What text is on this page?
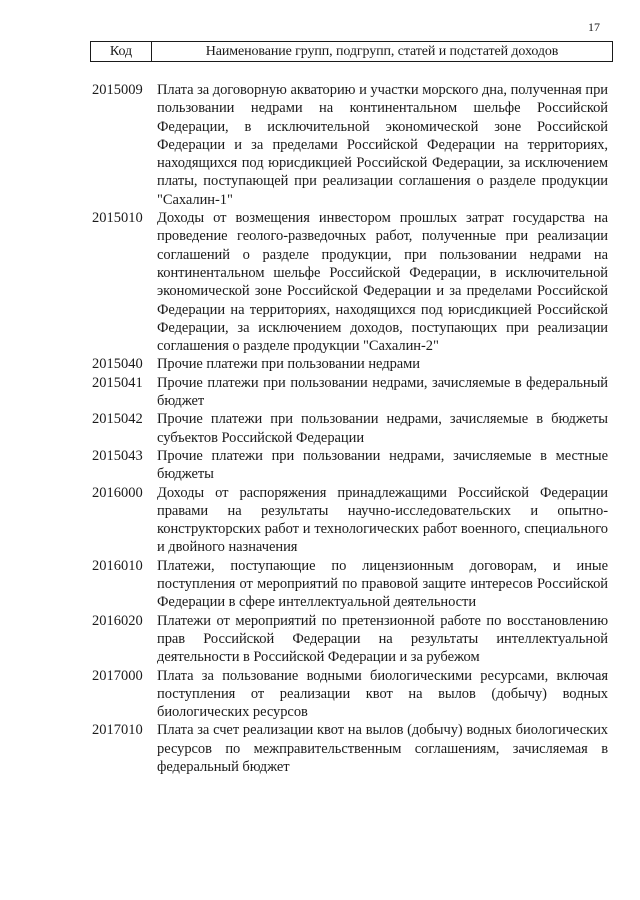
17
Код	Наименование групп, подгрупп, статей и подстатей доходов
2015009 Плата за договорную акваторию и участки морского дна, полученная при пользовании недрами на континентальном шельфе Российской Федерации, в исключительной экономической зоне Российской Федерации и за пределами Российской Федерации на территориях, находящихся под юрисдикцией Российской Федерации, за исключением платы, поступающей при реализации соглашения о разделе продукции "Сахалин-1"
2015010 Доходы от возмещения инвестором прошлых затрат государства на проведение геолого-разведочных работ, полученные при реализации соглашений о разделе продукции, при пользовании недрами на континентальном шельфе Российской Федерации, в исключительной экономической зоне Российской Федерации и за пределами Российской Федерации на территориях, находящихся под юрисдикцией Российской Федерации, за исключением доходов, поступающих при реализации соглашения о разделе продукции "Сахалин-2"
2015040 Прочие платежи при пользовании недрами
2015041 Прочие платежи при пользовании недрами, зачисляемые в федеральный бюджет
2015042 Прочие платежи при пользовании недрами, зачисляемые в бюджеты субъектов Российской Федерации
2015043 Прочие платежи при пользовании недрами, зачисляемые в местные бюджеты
2016000 Доходы от распоряжения принадлежащими Российской Федерации правами на результаты научно-исследовательских и опытно-конструкторских работ и технологических работ военного, специального и двойного назначения
2016010 Платежи, поступающие по лицензионным договорам, и иные поступления от мероприятий по правовой защите интересов Российской Федерации в сфере интеллектуальной деятельности
2016020 Платежи от мероприятий по претензионной работе по восстановлению прав Российской Федерации на результаты интеллектуальной деятельности в Российской Федерации и за рубежом
2017000 Плата за пользование водными биологическими ресурсами, включая поступления от реализации квот на вылов (добычу) водных биологических ресурсов
2017010 Плата за счет реализации квот на вылов (добычу) водных биологических ресурсов по межправительственным соглашениям, зачисляемая в федеральный бюджет
